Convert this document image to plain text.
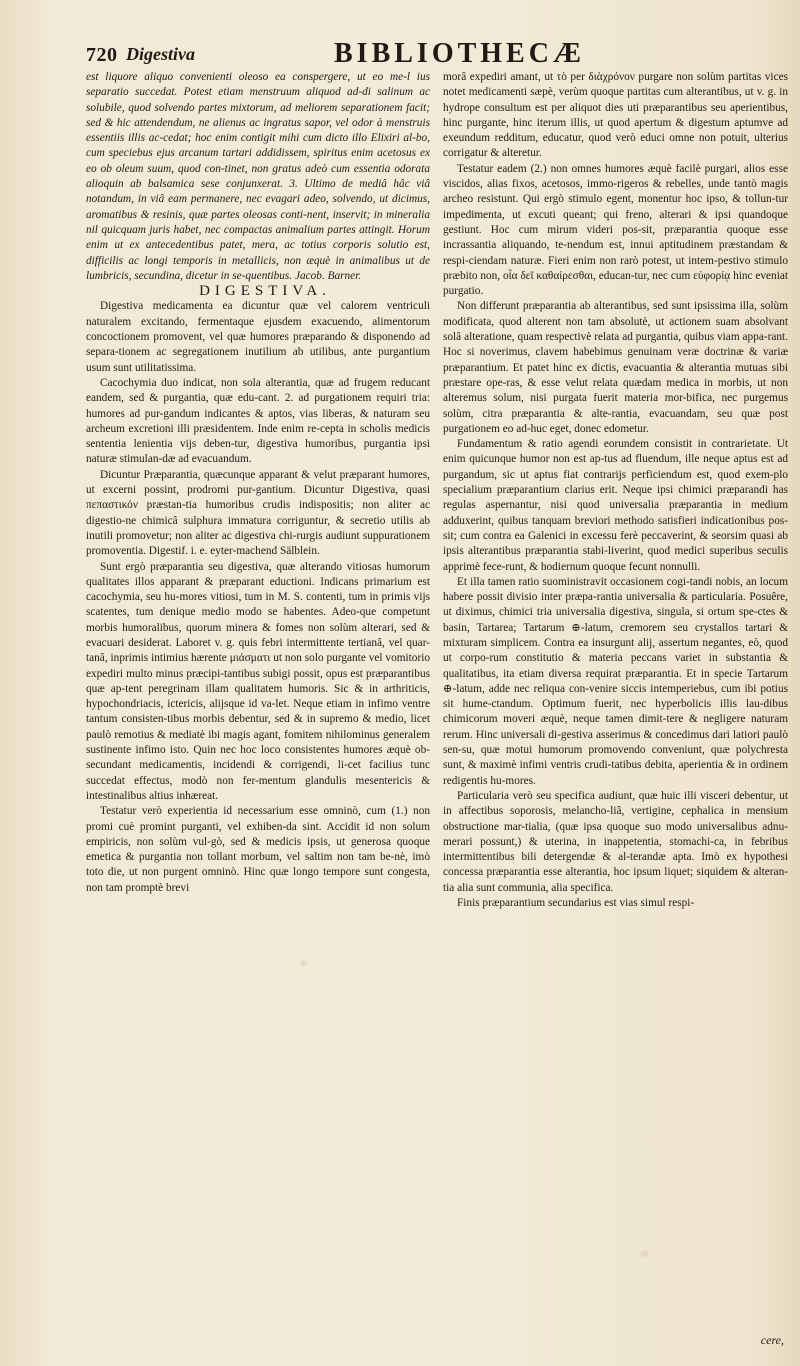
720 Digestiva	BIBLIOTHECÆ

est liquore aliquo convenienti oleoso ea conspergere, ut eo me-l ius separatio succedat. Potest etiam menstruum aliquod ad-di salinum ac solubile, quod solvendo partes mixtorum, ad meliorem separationem facit; sed & hic attendendum, ne alienus ac ingratus sapor, vel odor à menstruis essentiis illis ac-cedat; hoc enim contigit mihi cum dicto illo Elixiri al-bo, cum speciebus ejus arcanum tartari addidissem, spiritus enim acetosus ex eo ob oleum suum, quod con-tinet, non gratus adeò cum essentia odorata alioquin ab balsamica sese conjunxerat. 3. Ultimo de mediâ hâc viâ notandum, in viâ eam permanere, nec evagari adeo, solvendo, ut dicimus, aromatibus & resinis, quæ partes oleosas conti-nent, inservit; in mineralia nil quicquam juris habet, nec compactas animalium partes attingit. Horum enim ut ex antecedentibus patet, mera, ac totius corporis solutio est, difficilis ac longi temporis in metallicis, non æquè in animalibus ut de lumbricis, secundina, dicetur in se-quentibus. Jacob. Barner.

DIGESTIVA.

Digestiva medicamenta ea dicuntur quæ vel calorem ventriculi naturalem excitando, fermentaque ejusdem exacuendo, alimentorum concoctionem promovent, vel quæ humores præparando & disponendo ad separa-tionem ac segregationem inutilium ab utilibus, ante purgantium usum sunt utilitatissima.

Cacochymia duo indicat, non sola alterantia, quæ ad frugem reducant eandem, sed & purgantia, quæ edu-cant. 2. ad purgationem requiri tria: humores ad pur-gandum indicantes & aptos, vias liberas, & naturam seu archeum excretioni illi præsidentem. Inde enim re-cepta in scholis medicis sententia lenientia vijs deben-tur, digestiva humoribus, purgantia ipsi naturæ stimulan-dæ ad evacuandum.

Dicuntur Præparantia, quæcunque apparant & velut præparant humores, ut excerni possint, prodromi pur-gantium. Dicuntur Digestiva, quasi πεπαστικόν præstan-tia humoribus crudis indispositis; non aliter ac digestio-ne chimicâ sulphura immatura corriguntur, & secretio utilis ab inutili promovetur; non aliter ac digestiva chi-rurgis audiunt suppurationem promoventia. Digestif. i. e. eyter-machend Sälblein.

Sunt ergò præparantia seu digestiva, quæ alterando vitiosas humorum qualitates illos apparant & præparant eductioni. Indicans primarium est cacochymia, seu hu-mores vitiosi, tum in M. S. contenti, tum in primis vijs scatentes, tum denique medio modo se habentes. Adeo-que competunt morbis humoralibus, quorum minera & fomes non solùm alterari, sed & evacuari desiderat. Laboret v. g. quis febri intermittente tertianâ, vel quar-tanâ, inprimis intimius hærente μιάσματι ut non solo purgante vel vomitorio expediri multo minus præcipi-tantibus subigi possit, opus est præparantibus quæ ap-tent peregrinam illam qualitatem humoris. Sic & in arthriticis, hypochondriacis, ictericis, alijsque id va-let. Neque etiam in infimo ventre tantum consisten-tibus morbis debentur, sed & in supremo & medio, licet paulò remotius & mediatè ibi magis agant, fomitem nihilominus generalem sustinente infimo isto. Quin nec hoc loco consistentes humores æquè ob-secundant medicamentis, incidendi & corrigendi, li-cet facilius tunc succedat effectus, modò non fer-mentum glandulis mesentericis & intestinalibus altius inhæreat.

Testatur verò experientia id necessarium esse omninò, cum (1.) non promi cuè promint purganti, vel exhiben-da sint. Accidit id non solum empiricis, non solùm vul-gò, sed & medicis ipsis, ut generosa quoque emetica & purgantia non tollant morbum, vel saltim non tam be-nè, imò toto die, ut non purgent omninò. Hinc quæ longo tempore sunt congesta, non tam promptè brevi

morâ expediri amant, ut τὸ per διὰχρόνον purgare non solùm partitas vices notet medicamenti sæpè, verùm quoque partitas cum alterantibus, ut v. g. in hydrope consultum est per aliquot dies uti præparantibus seu aperientibus, hinc purgante, hinc iterum illis, ut quod apertum & digestum aptumve ad exeundum redditum, educatur, quod verò educi omne non potuit, ulterius corrigatur & alteretur.

Testatur eadem (2.) non omnes humores æquè facilè purgari, alios esse viscidos, alias fixos, acetosos, immo-rigeros & rebelles, unde tantò magis archeo resistunt. Qui ergò stimulo egent, monentur hoc ipso, & tollun-tur impedimenta, ut excuti queant; qui freno, alterari & ipsi quandoque gestiunt. Hoc cum mirum videri pos-sit, præparantia quoque esse incrassantia aliquando, te-nendum est, innui aptitudinem præstandam & respi-ciendam naturæ. Fieri enim non rarò potest, ut intem-pestivo stimulo præbito non, οἷα δεῖ καθαίρεσθαι, educan-tur, nec cum εὐφορίᾳ hinc eveniat purgatio.

Non differunt præparantia ab alterantibus, sed sunt ipsissima illa, solùm modificata, quod alterent non tam absolutè, ut actionem suam absolvant solâ alteratione, quam respectivè relata ad purgantia, quibus viam appa-rant. Hoc si noverimus, clavem habebimus genuinam veræ doctrinæ & variæ præparantium. Et patet hinc ex dictis, evacuantia & alterantia mutuas sibi præstare ope-ras, & esse velut relata quædam medica in morbis, ut non alteremus solum, nisi purgata fuerit materia mor-bifica, nec purgemus solùm, citra præparantia & alte-rantia, evacuandam, seu quæ post purgationem eo ad-huc eget, donec edometur.

Fundamentum & ratio agendi eorundem consistit in contrarietate. Ut enim quicunque humor non est ap-tus ad fluendum, ille neque aptus est ad purgandum, sic ut aptus fiat contrarijs perficiendum est, quod exem-plo specialium præparantium clarius erit. Neque ipsi chimici præparandi has regulas aspernantur, nisi quod universalia præparantia in medium adduxerint, quibus tanquam breviori methodo satisfieri indicationibus pos-sit; cum contra ea Galenici in excessu ferè peccaverint, & seorsim quasi ab ipsis alterantibus præparantia stabi-liverint, quod medici superibus seculis apprimè fece-runt, & hodiernum quoque fecunt nonnulli.

Et illa tamen ratio suoministravit occasionem cogi-tandi nobis, an locum habere possit divisio inter præpa-rantia universalia & particularia. Posuêre, ut diximus, chimici tria universalia digestiva, singula, si ortum spe-ctes & basin, Tartarea; Tartarum ⊕-latum, cremorem seu crystallos tartari & mixturam simplicem. Contra ea insurgunt alij, assertum negantes, eò, quod ut corpo-rum constitutio & materia peccans variet in substantia & qualitatibus, ita etiam diversa requirat præparantia. Et in specie Tartarum ⊕-latum, adde nec reliqua con-venire siccis intemperiebus, cum ibi potius sit hume-ctandum. Optimum fuerit, nec hyperbolicis illis lau-dibus chimicorum moveri æquè, neque tamen dimit-tere & negligere naturam rerum. Hinc universali di-gestiva asserimus & concedimus dari latiori paulò sen-su, quæ motui humorum promovendo conveniunt, quæ polychresta sunt, & maximè infimi ventris crudi-tatibus debita, aperientia & in ordinem redigentis hu-mores.

Particularia verò seu specifica audiunt, quæ huic illi visceri debentur, ut in affectibus soporosis, melancho-liâ, vertigine, cephalica in mensium obstructione mar-tialia, (quæ ipsa quoque suo modo universalibus adnu-merari possunt,) & uterina, in inappetentia, stomachi-ca, in febribus intermittentibus bili detergendæ & al-terandæ apta. Imò ex hypothesi concessa præparantia esse alterantia, hoc ipsum liquet; siquidem & alteran-tia alia sunt communia, alia specifica.

Finis præparantium secundarius est vias simul respi-

cere,
